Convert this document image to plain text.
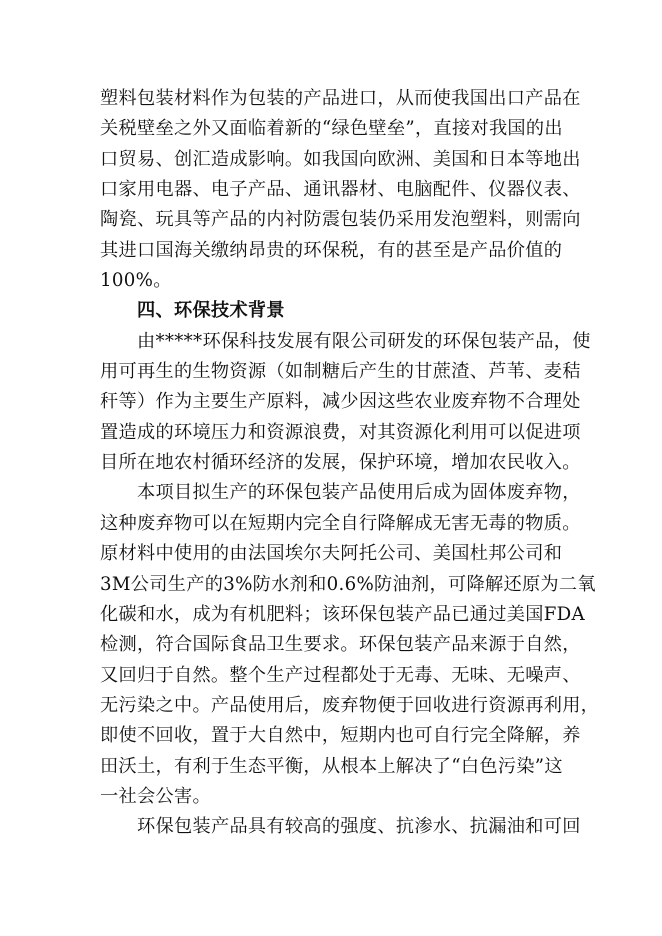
塑料包装材料作为包装的产品进口，从而使我国出口产品在
关税壁垒之外又面临着新的“绿色壁垒”，直接对我国的出
口贸易、创汇造成影响。如我国向欧洲、美国和日本等地出
口家用电器、电子产品、通讯器材、电脑配件、仪器仪表、
陶瓷、玩具等产品的内衬防震包装仍采用发泡塑料，则需向
其进口国海关缴纳昂贵的环保税，有的甚至是产品价值的
100%。
四、环保技术背景
由*****环保科技发展有限公司研发的环保包装产品，使
用可再生的生物资源（如制糖后产生的甘蔗渣、芦苇、麦秸
秆等）作为主要生产原料，减少因这些农业废弃物不合理处
置造成的环境压力和资源浪费，对其资源化利用可以促进项
目所在地农村循环经济的发展，保护环境，增加农民收入。
本项目拟生产的环保包装产品使用后成为固体废弃物，
这种废弃物可以在短期内完全自行降解成无害无毒的物质。
原材料中使用的由法国埃尔夫阿托公司、美国杜邦公司和
3M公司生产的3%防水剂和0.6%防油剂，可降解还原为二氧
化碳和水，成为有机肥料；该环保包装产品已通过美国FDA
检测，符合国际食品卫生要求。环保包装产品来源于自然，
又回归于自然。整个生产过程都处于无毒、无味、无噪声、
无污染之中。产品使用后，废弃物便于回收进行资源再利用，
即使不回收，置于大自然中，短期内也可自行完全降解，养
田沃土，有利于生态平衡，从根本上解决了“白色污染”这
一社会公害。
环保包装产品具有较高的强度、抗渗水、抗漏油和可回
